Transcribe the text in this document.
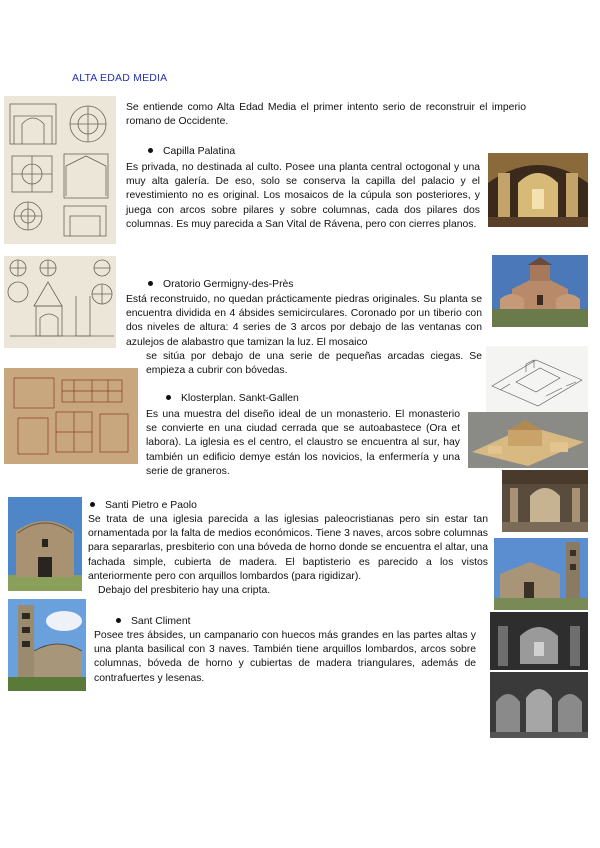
ALTA EDAD MEDIA
Se entiende como Alta Edad Media el primer intento serio de reconstruir el imperio romano de Occidente.
Capilla Palatina
Es privada, no destinada al culto. Posee una planta central octogonal y una muy alta galería. De eso, solo se conserva la capilla del palacio y el revestimiento no es original. Los mosaicos de la cúpula son posteriores, y juega con arcos sobre pilares y sobre columnas, cada dos pilares dos columnas. Es muy parecida a San Vital de Rávena, pero con cierres planos.
Oratorio Germigny-des-Près
Está reconstruido, no quedan prácticamente piedras originales. Su planta se encuentra dividida en 4 ábsides semicirculares. Coronado por un tiberio con dos niveles de altura: 4 series de 3 arcos por debajo de las ventanas con azulejos de alabastro que tamizan la luz. El mosaico
se sitúa por debajo de una serie de pequeñas arcadas ciegas. Se empieza a cubrir con bóvedas.
Klosterplan. Sankt-Gallen
Es una muestra del diseño ideal de un monasterio. El monasterio se convierte en una ciudad cerrada que se autoabastece (Ora et labora). La iglesia es el centro, el claustro se encuentra al sur, hay también un edificio demye están los novicios, la enfermería y una serie de graneros.
Santi Pietro e Paolo
Se trata de una iglesia parecida a las iglesias paleocristianas pero sin estar tan ornamentada por la falta de medios económicos. Tiene 3 naves, arcos sobre columnas para separarlas, presbiterio con una bóveda de horno donde se encuentra el altar, una fachada simple, cubierta de madera. El baptisterio es parecido a los vistos anteriormente pero con arquillos lombardos (para rigidizar).
Debajo del presbiterio hay una cripta.
Sant Climent
Posee tres ábsides, un campanario con huecos más grandes en las partes altas y una planta basilical con 3 naves. También tiene arquillos lombardos, arcos sobre columnas, bóveda de horno y cubiertas de madera triangulares, además de contrafuertes y lesenas.
